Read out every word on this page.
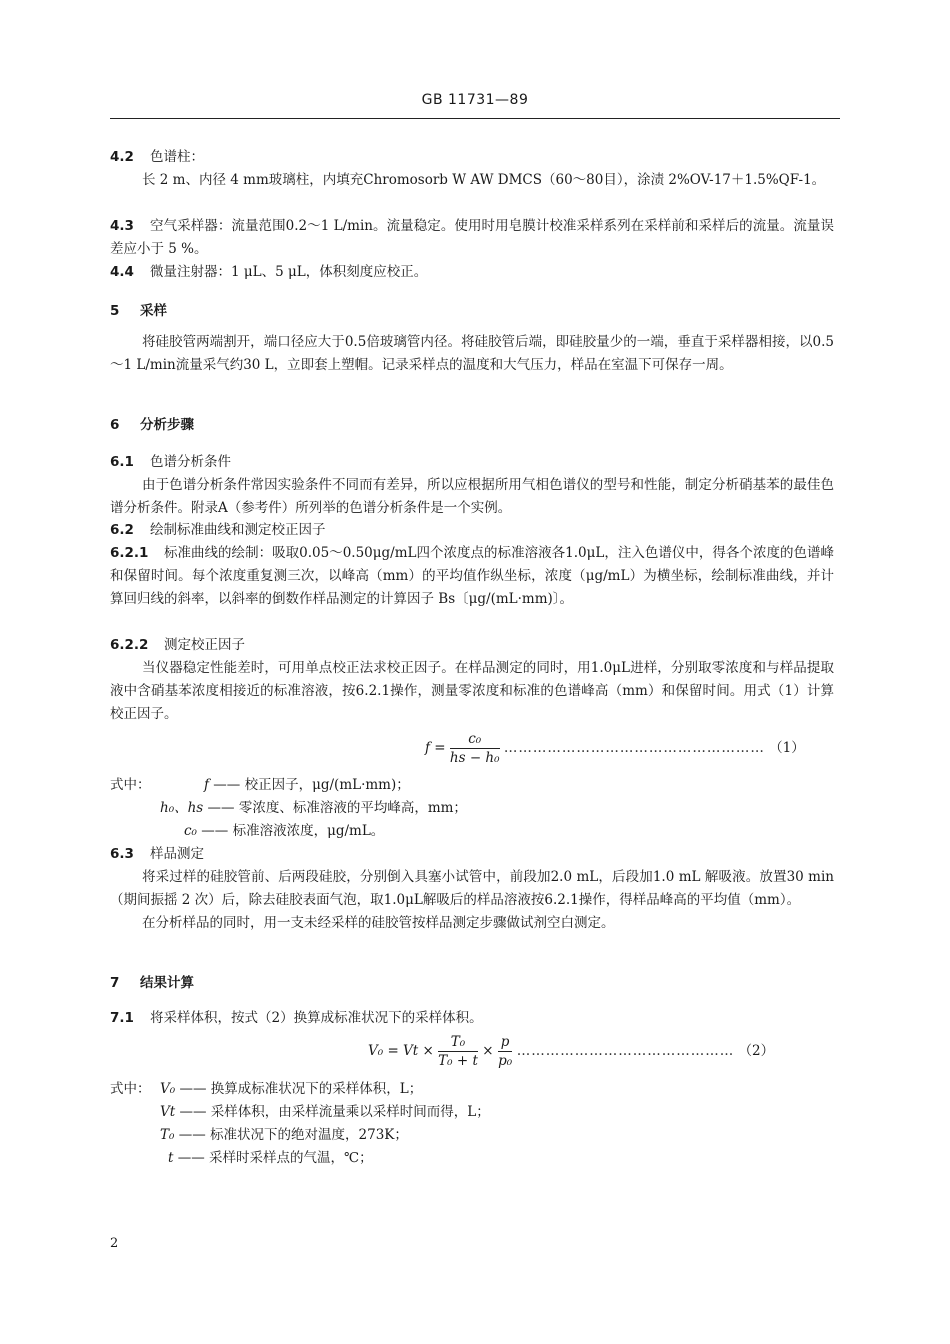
GB 11731—89
4.2 色谱柱：
长 2 m、内径 4 mm玻璃柱，内填充Chromosorb W AW DMCS（60～80目），涂渍 2%OV-17＋1.5%QF-1。
4.3 空气采样器：流量范围0.2～1 L/min。流量稳定。使用时用皂膜计校准采样系列在采样前和采样后的流量。流量误差应小于 5 %。
4.4 微量注射器：1 μL、5 μL，体积刻度应校正。
5 采样
将硅胶管两端割开，端口径应大于0.5倍玻璃管内径。将硅胶管后端，即硅胶量少的一端，垂直于采样器相接，以0.5～1 L/min流量采气约30 L，立即套上塑帽。记录采样点的温度和大气压力，样品在室温下可保存一周。
6 分析步骤
6.1 色谱分析条件
由于色谱分析条件常因实验条件不同而有差异，所以应根据所用气相色谱仪的型号和性能，制定分析硝基苯的最佳色谱分析条件。附录A（参考件）所列举的色谱分析条件是一个实例。
6.2 绘制标准曲线和测定校正因子
6.2.1 标准曲线的绘制：吸取0.05～0.50μg/mL四个浓度点的标准溶液各1.0μL，注入色谱仪中，得各个浓度的色谱峰和保留时间。每个浓度重复测三次，以峰高（mm）的平均值作纵坐标，浓度（μg/mL）为横坐标，绘制标准曲线，并计算回归线的斜率，以斜率的倒数作样品测定的计算因子 Bs〔μg/(mL·mm)〕。
6.2.2 测定校正因子
当仪器稳定性能差时，可用单点校正法求校正因子。在样品测定的同时，用1.0μL进样，分别取零浓度和与样品提取液中含硝基苯浓度相接近的标准溶液，按6.2.1操作，测量零浓度和标准的色谱峰高（mm）和保留时间。用式（1）计算校正因子。
$f = \frac{\text{c₀}}{\text{hs − h₀}}$ ……………………………………………… （1）
式中：	f —— 校正因子，μg/(mL·mm)；
h₀、hs —— 零浓度、标准溶液的平均峰高，mm；
c₀ —— 标准溶液浓度，μg/mL。
6.3 样品测定
将采过样的硅胶管前、后两段硅胶，分别倒入具塞小试管中，前段加2.0 mL，后段加1.0 mL 解吸液。放置30 min（期间振摇 2 次）后，除去硅胶表面气泡，取1.0μL解吸后的样品溶液按6.2.1操作，得样品峰高的平均值（mm）。
在分析样品的同时，用一支未经采样的硅胶管按样品测定步骤做试剂空白测定。
7 结果计算
7.1 将采样体积，按式（2）换算成标准状况下的采样体积。
$V_0 = Vt \times \frac{\text{T₀}}{\text{T₀ + t}} \times \frac{p}{\text{p₀}}$ ……………………………………… （2）
式中： V₀ —— 换算成标准状况下的采样体积，L；
Vt —— 采样体积，由采样流量乘以采样时间而得，L；
T₀ —— 标准状况下的绝对温度，273K；
t —— 采样时采样点的气温，℃；
2
